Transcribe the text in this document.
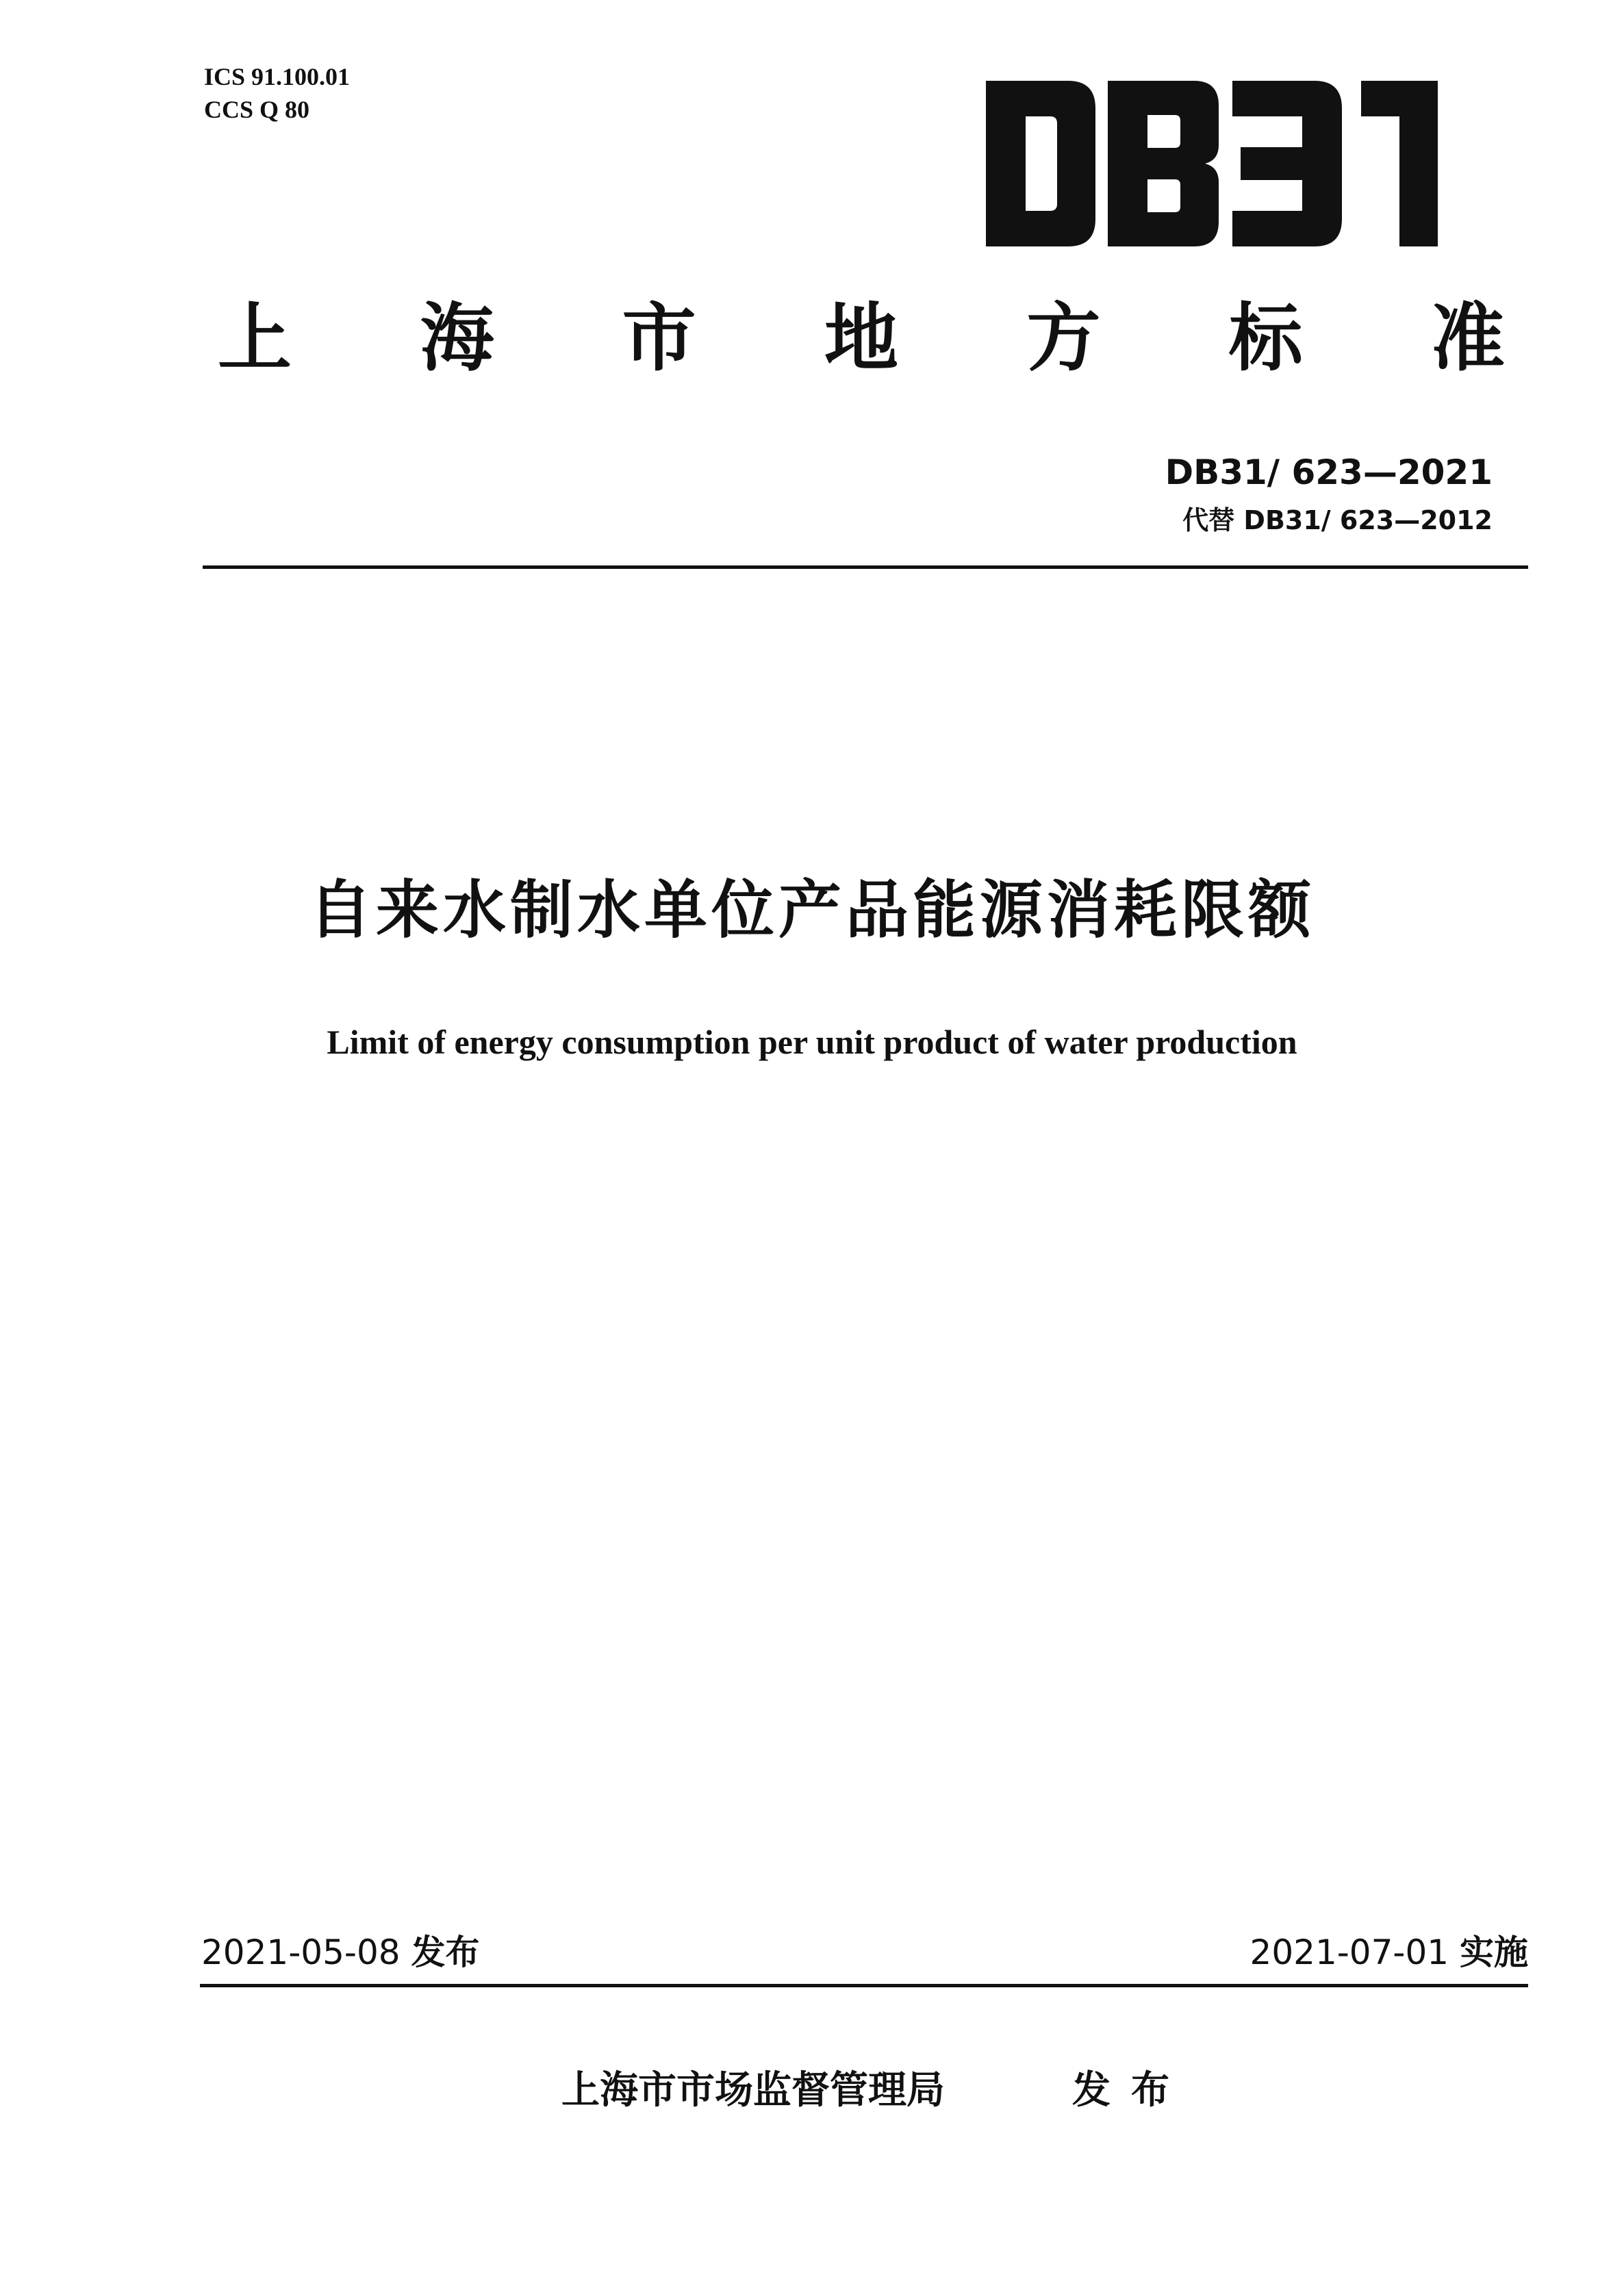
ICS 91.100.01
CCS Q 80
上 海 市 地 方 标 准
DB31/ 623—2021
代替 DB31/ 623—2012
自来水制水单位产品能源消耗限额
Limit of energy consumption per unit product of water production
2021-05-08 发布	2021-07-01 实施
上海市市场监督管理局	发布
